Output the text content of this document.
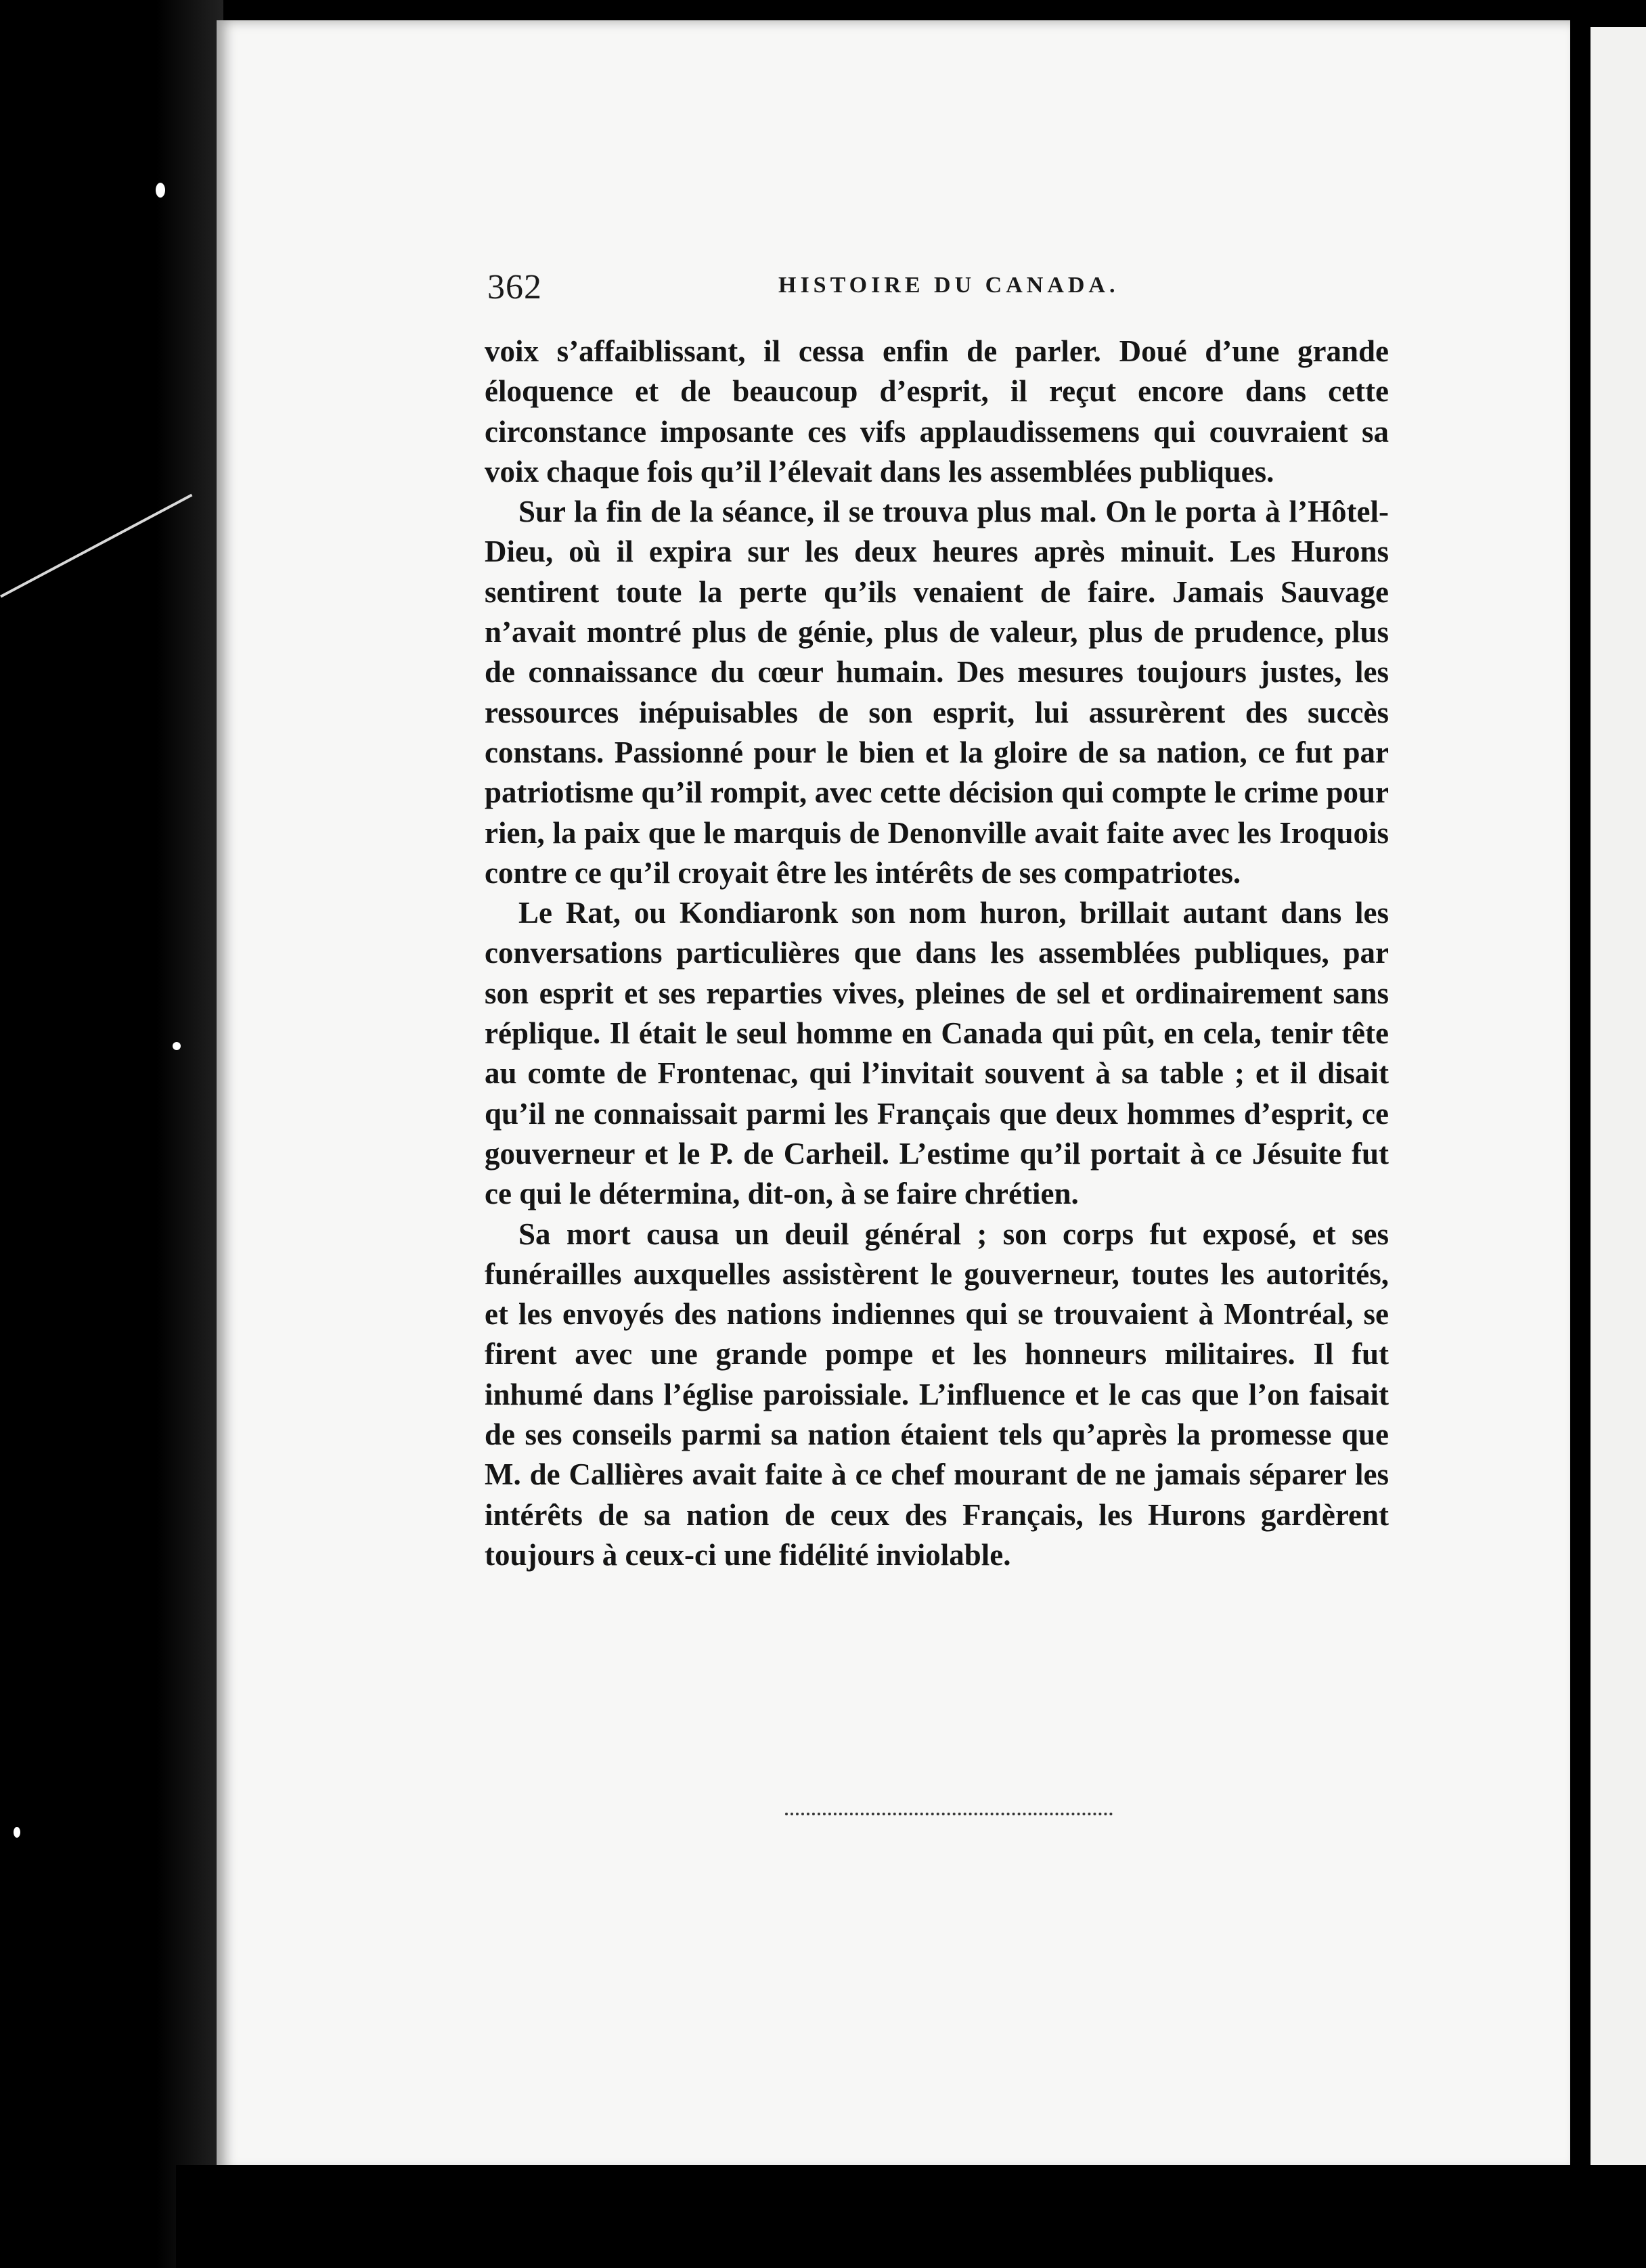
362	HISTOIRE DU CANADA.

voix s’affaiblissant, il cessa enfin de parler. Doué d’une grande éloquence et de beaucoup d’esprit, il reçut encore dans cette circonstance imposante ces vifs applaudissemens qui couvraient sa voix chaque fois qu’il l’élevait dans les assemblées publiques.

Sur la fin de la séance, il se trouva plus mal. On le porta à l’Hôtel-Dieu, où il expira sur les deux heures après minuit. Les Hurons sentirent toute la perte qu’ils venaient de faire. Jamais Sauvage n’avait montré plus de génie, plus de valeur, plus de prudence, plus de connaissance du cœur humain. Des mesures toujours justes, les ressources inépuisables de son esprit, lui assurèrent des succès constans. Passionné pour le bien et la gloire de sa nation, ce fut par patriotisme qu’il rompit, avec cette décision qui compte le crime pour rien, la paix que le marquis de Denonville avait faite avec les Iroquois contre ce qu’il croyait être les intérêts de ses compatriotes.

Le Rat, ou Kondiaronk son nom huron, brillait autant dans les conversations particulières que dans les assemblées publiques, par son esprit et ses reparties vives, pleines de sel et ordinairement sans réplique. Il était le seul homme en Canada qui pût, en cela, tenir tête au comte de Frontenac, qui l’invitait souvent à sa table ; et il disait qu’il ne connaissait parmi les Français que deux hommes d’esprit, ce gouverneur et le P. de Carheil. L’estime qu’il portait à ce Jésuite fut ce qui le détermina, dit-on, à se faire chrétien.

Sa mort causa un deuil général ; son corps fut exposé, et ses funérailles auxquelles assistèrent le gouverneur, toutes les autorités, et les envoyés des nations indiennes qui se trouvaient à Montréal, se firent avec une grande pompe et les honneurs militaires. Il fut inhumé dans l’église paroissiale. L’influence et le cas que l’on faisait de ses conseils parmi sa nation étaient tels qu’après la promesse que M. de Callières avait faite à ce chef mourant de ne jamais séparer les intérêts de sa nation de ceux des Français, les Hurons gardèrent toujours à ceux-ci une fidélité inviolable.
